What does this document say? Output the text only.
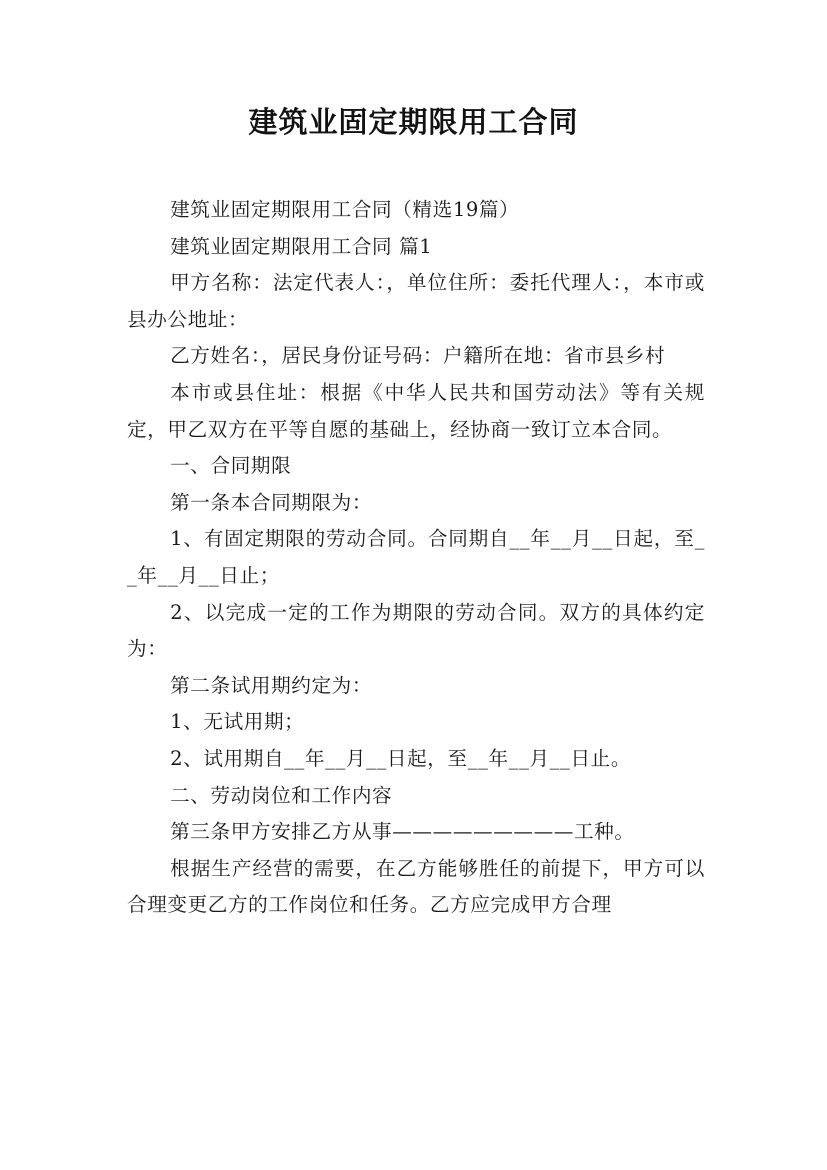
建筑业固定期限用工合同

建筑业固定期限用工合同（精选19篇）

建筑业固定期限用工合同 篇1

甲方名称：法定代表人：，单位住所：委托代理人：，本市或县办公地址：

乙方姓名：，居民身份证号码：户籍所在地：省市县乡村

本市或县住址：根据《中华人民共和国劳动法》等有关规定，甲乙双方在平等自愿的基础上，经协商一致订立本合同。

一、合同期限

第一条本合同期限为：

1、有固定期限的劳动合同。合同期自__年__月__日起，至__年__月__日止；

2、以完成一定的工作为期限的劳动合同。双方的具体约定为：

第二条试用期约定为：

1、无试用期；

2、试用期自__年__月__日起，至__年__月__日止。

二、劳动岗位和工作内容

第三条甲方安排乙方从事—————————工种。

根据生产经营的需要，在乙方能够胜任的前提下，甲方可以合理变更乙方的工作岗位和任务。乙方应完成甲方合理
